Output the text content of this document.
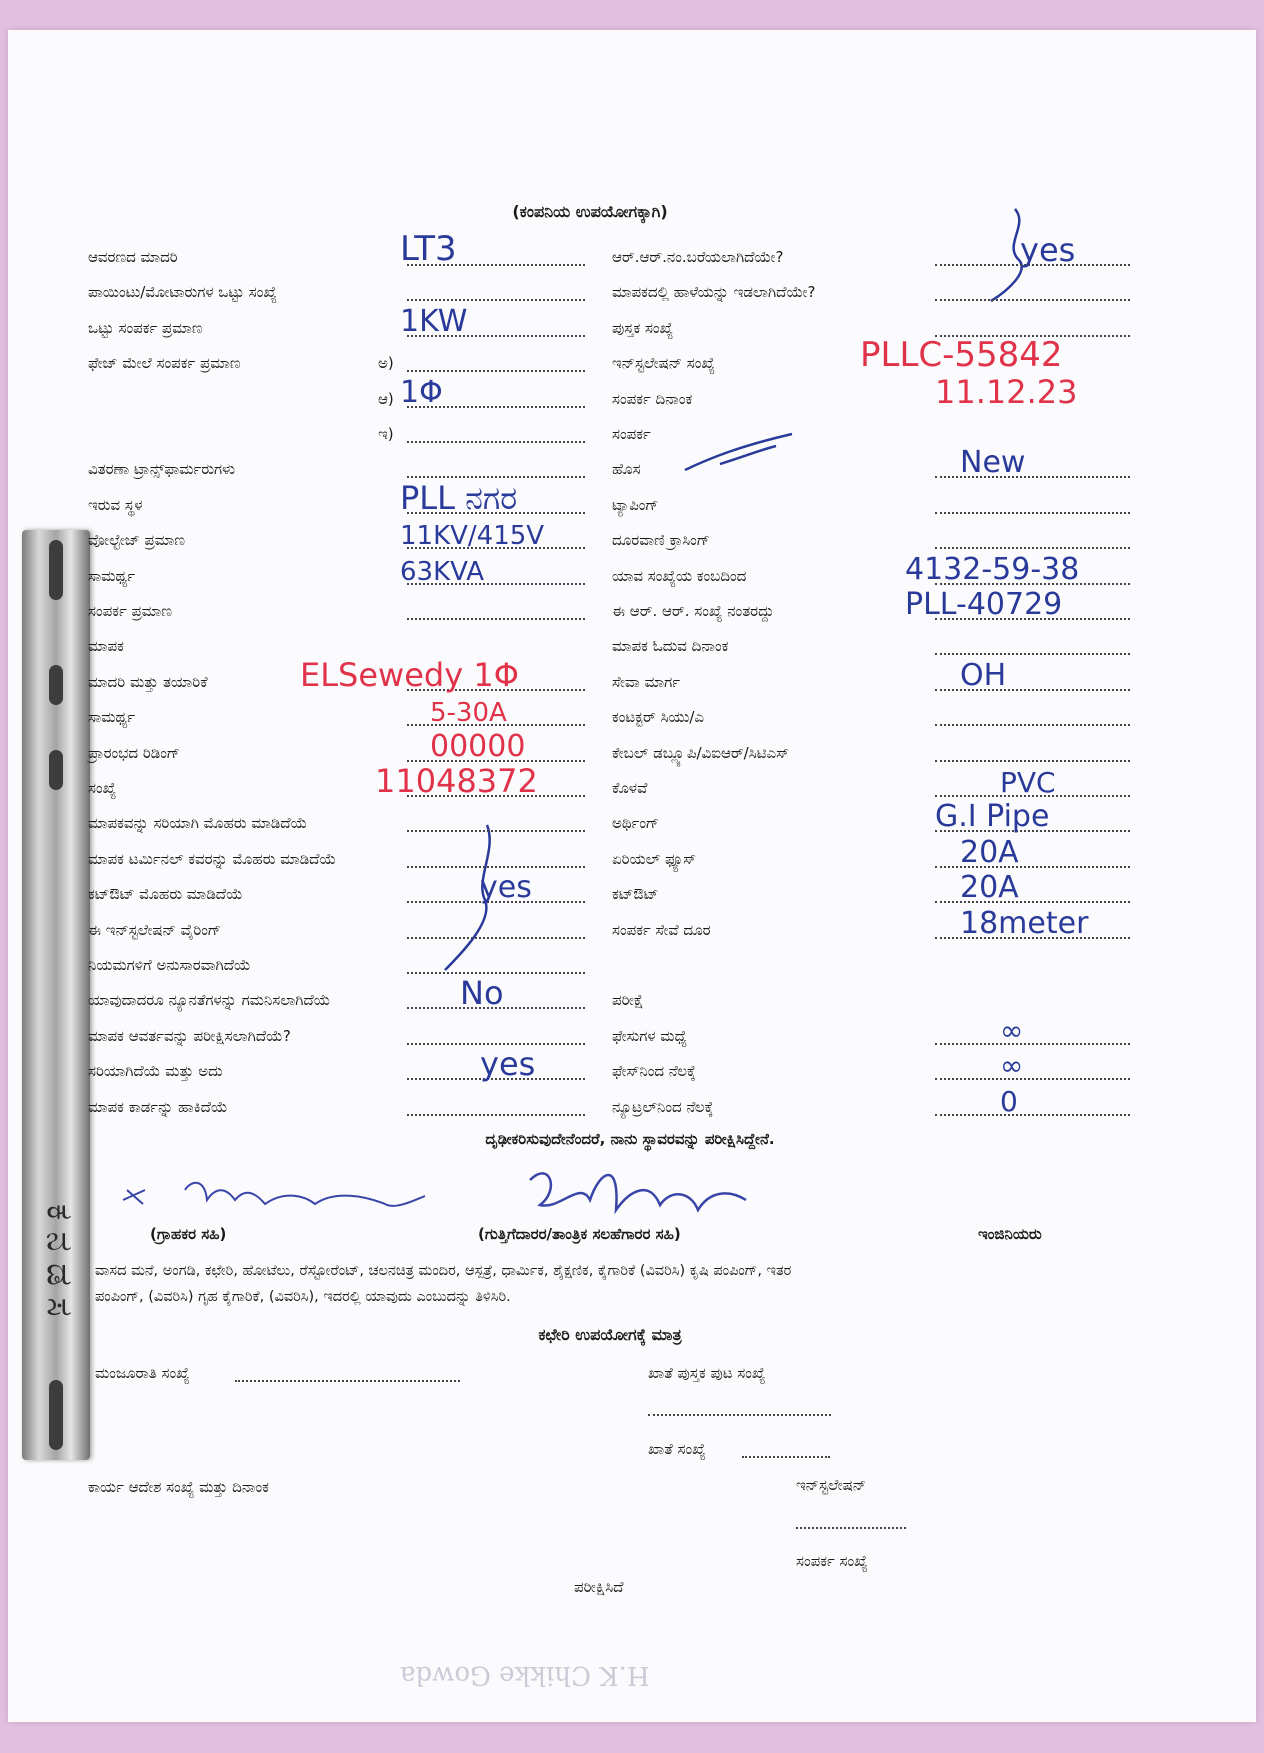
(ಕಂಪನಿಯ ಉಪಯೋಗಕ್ಕಾಗಿ)
ದೃಢೀಕರಿಸುವುದೇನೆಂದರೆ, ನಾನು ಸ್ಥಾವರವನ್ನು ಪರೀಕ್ಷಿಸಿದ್ದೇನೆ.
(ಗ್ರಾಹಕರ ಸಹಿ)	(ಗುತ್ತಿಗೆದಾರರ/ತಾಂತ್ರಿಕ ಸಲಹೆಗಾರರ ಸಹಿ)	ಇಂಜಿನಿಯರು
ವಾಸದ ಮನೆ, ಅಂಗಡಿ, ಕಛೇರಿ, ಹೋಟೆಲು, ರೆಸ್ಟೋರೆಂಟ್, ಚಲನಚಿತ್ರ ಮಂದಿರ, ಆಸ್ಪತ್ರೆ, ಧಾರ್ಮಿಕ, ಶೈಕ್ಷಣಿಕ, ಕೈಗಾರಿಕೆ (ವಿವರಿಸಿ) ಕೃಷಿ ಪಂಪಿಂಗ್, ಇತರ
ಪಂಪಿಂಗ್, (ವಿವರಿಸಿ) ಗೃಹ ಕೈಗಾರಿಕೆ, (ವಿವರಿಸಿ), ಇದರಲ್ಲಿ ಯಾವುದು ಎಂಬುದನ್ನು ತಿಳಿಸಿರಿ.
ಕಛೇರಿ ಉಪಯೋಗಕ್ಕೆ ಮಾತ್ರ
ಮಂಜೂರಾತಿ ಸಂಖ್ಯೆ	ಖಾತೆ ಪುಸ್ತಕ ಪುಟ ಸಂಖ್ಯೆ
ಖಾತೆ ಸಂಖ್ಯೆ
ಕಾರ್ಯ ಆದೇಶ ಸಂಖ್ಯೆ ಮತ್ತು ದಿನಾಂಕ	ಇನ್‌ಸ್ಟಲೇಷನ್
ಸಂಪರ್ಕ ಸಂಖ್ಯೆ
ಪರೀಕ್ಷಿಸಿದೆ
H.K Chikke Gowda
ಕ ನ ಡ ಸ
ಆವರಣದ ಮಾದರಿ	LT3
ಪಾಯಿಂಟು/ಮೋಟಾರುಗಳ ಒಟ್ಟು ಸಂಖ್ಯೆ
ಒಟ್ಟು ಸಂಪರ್ಕ ಪ್ರಮಾಣ	1KW
ಫೇಜ್ ಮೇಲೆ ಸಂಪರ್ಕ ಪ್ರಮಾಣ	ಅ)
ಆ) 1Φ
ಇ)
ವಿತರಣಾ ಟ್ರಾನ್ಸ್‌ಫಾರ್ಮರುಗಳು
ಇರುವ ಸ್ಥಳ	PLL ನಗರ
ವೋಲ್ಟೇಜ್ ಪ್ರಮಾಣ	11KV/415V
ಸಾಮರ್ಥ್ಯ	63KVA
ಸಂಪರ್ಕ ಪ್ರಮಾಣ
ಮಾಪಕ
ಮಾದರಿ ಮತ್ತು ತಯಾರಿಕೆ	ELSewedy 1Φ
ಸಾಮರ್ಥ್ಯ	5-30A
ಪ್ರಾರಂಭದ ರಿಡಿಂಗ್	00000
ಸಂಖ್ಯೆ	11048372
ಮಾಪಕವನ್ನು ಸರಿಯಾಗಿ ಮೊಹರು ಮಾಡಿದೆಯೆ
ಮಾಪಕ ಟರ್ಮಿನಲ್ ಕವರನ್ನು ಮೊಹರು ಮಾಡಿದೆಯೆ
ಕಟ್‌ಔಟ್ ಮೊಹರು ಮಾಡಿದೆಯೆ	yes
ಈ ಇನ್‌ಸ್ಟಲೇಷನ್ ವೈರಿಂಗ್
ನಿಯಮಗಳಿಗೆ ಅನುಸಾರವಾಗಿದೆಯೆ
ಯಾವುದಾದರೂ ನ್ಯೂನತೆಗಳನ್ನು ಗಮನಿಸಲಾಗಿದೆಯೆ	No
ಮಾಪಕ ಆವರ್ತವನ್ನು ಪರೀಕ್ಷಿಸಲಾಗಿದೆಯೆ?
ಸರಿಯಾಗಿದೆಯೆ ಮತ್ತು ಅದು	yes
ಮಾಪಕ ಕಾರ್ಡನ್ನು ಹಾಕಿದೆಯೆ
ಆರ್.ಆರ್.ನಂ.ಬರೆಯಲಾಗಿದೆಯೇ?	yes
ಮಾಪಕದಲ್ಲಿ ಹಾಳೆಯನ್ನು ಇಡಲಾಗಿದೆಯೇ?
ಪುಸ್ತಕ ಸಂಖ್ಯೆ
ಇನ್‌ಸ್ಟಲೇಷನ್ ಸಂಖ್ಯೆ	PLLC-55842
ಸಂಪರ್ಕ ದಿನಾಂಕ	11.12.23
ಸಂಪರ್ಕ
ಹೊಸ	New
ಟ್ಯಾಪಿಂಗ್
ದೂರವಾಣಿ ಕ್ರಾಸಿಂಗ್
ಯಾವ ಸಂಖ್ಯೆಯ ಕಂಬದಿಂದ	4132-59-38
ಈ ಆರ್. ಆರ್. ಸಂಖ್ಯೆ ನಂತರದ್ದು	PLL-40729
ಮಾಪಕ ಓದುವ ದಿನಾಂಕ
ಸೇವಾ ಮಾರ್ಗ	OH
ಕಂಟಕ್ಟರ್ ಸಿಯು/ಎ
ಕೇಬಲ್ ಡಬ್ಲ್ಯೂಪಿ/ವಿಐಆರ್/ಸಿಟಿಎಸ್
ಕೊಳವೆ	PVC
ಅರ್ಥಿಂಗ್	G.I Pipe
ಏರಿಯಲ್ ಫ್ಯೂಸ್	20A
ಕಟ್‌ಔಟ್	20A
ಸಂಪರ್ಕ ಸೇವೆ ದೂರ	18meter
ಪರೀಕ್ಷೆ
ಫೇಸುಗಳ ಮಧ್ಯೆ	∞
ಫೇಸ್‌ನಿಂದ ನೆಲಕ್ಕೆ	∞
ನ್ಯೂಟ್ರಲ್‌ನಿಂದ ನೆಲಕ್ಕೆ	0
